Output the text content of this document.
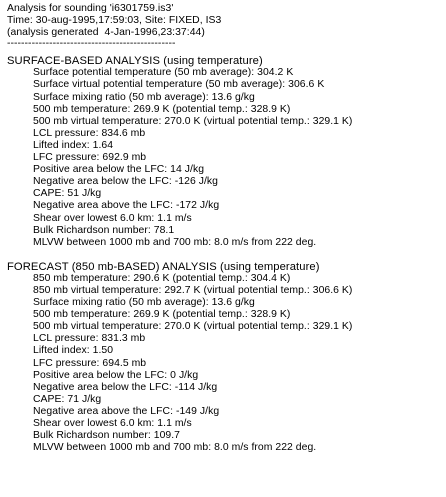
Analysis for sounding 'i6301759.is3'
Time: 30-aug-1995,17:59:03, Site: FIXED, IS3
(analysis generated  4-Jan-1996,23:37:44)
------------------------------------------------
SURFACE-BASED ANALYSIS (using temperature)
Surface potential temperature (50 mb average): 304.2 K
Surface virtual potential temperature (50 mb average): 306.6 K
Surface mixing ratio (50 mb average): 13.6 g/kg
500 mb temperature: 269.9 K (potential temp.: 328.9 K)
500 mb virtual temperature: 270.0 K (virtual potential temp.: 329.1 K)
LCL pressure: 834.6 mb
Lifted index: 1.64
LFC pressure: 692.9 mb
Positive area below the LFC: 14 J/kg
Negative area below the LFC: -126 J/kg
CAPE: 51 J/kg
Negative area above the LFC: -172 J/kg
Shear over lowest 6.0 km: 1.1 m/s
Bulk Richardson number: 78.1
MLVW between 1000 mb and 700 mb: 8.0 m/s from 222 deg.
FORECAST (850 mb-BASED) ANALYSIS (using temperature)
850 mb temperature: 290.6 K (potential temp.: 304.4 K)
850 mb virtual temperature: 292.7 K (virtual potential temp.: 306.6 K)
Surface mixing ratio (50 mb average): 13.6 g/kg
500 mb temperature: 269.9 K (potential temp.: 328.9 K)
500 mb virtual temperature: 270.0 K (virtual potential temp.: 329.1 K)
LCL pressure: 831.3 mb
Lifted index: 1.50
LFC pressure: 694.5 mb
Positive area below the LFC: 0 J/kg
Negative area below the LFC: -114 J/kg
CAPE: 71 J/kg
Negative area above the LFC: -149 J/kg
Shear over lowest 6.0 km: 1.1 m/s
Bulk Richardson number: 109.7
MLVW between 1000 mb and 700 mb: 8.0 m/s from 222 deg.
